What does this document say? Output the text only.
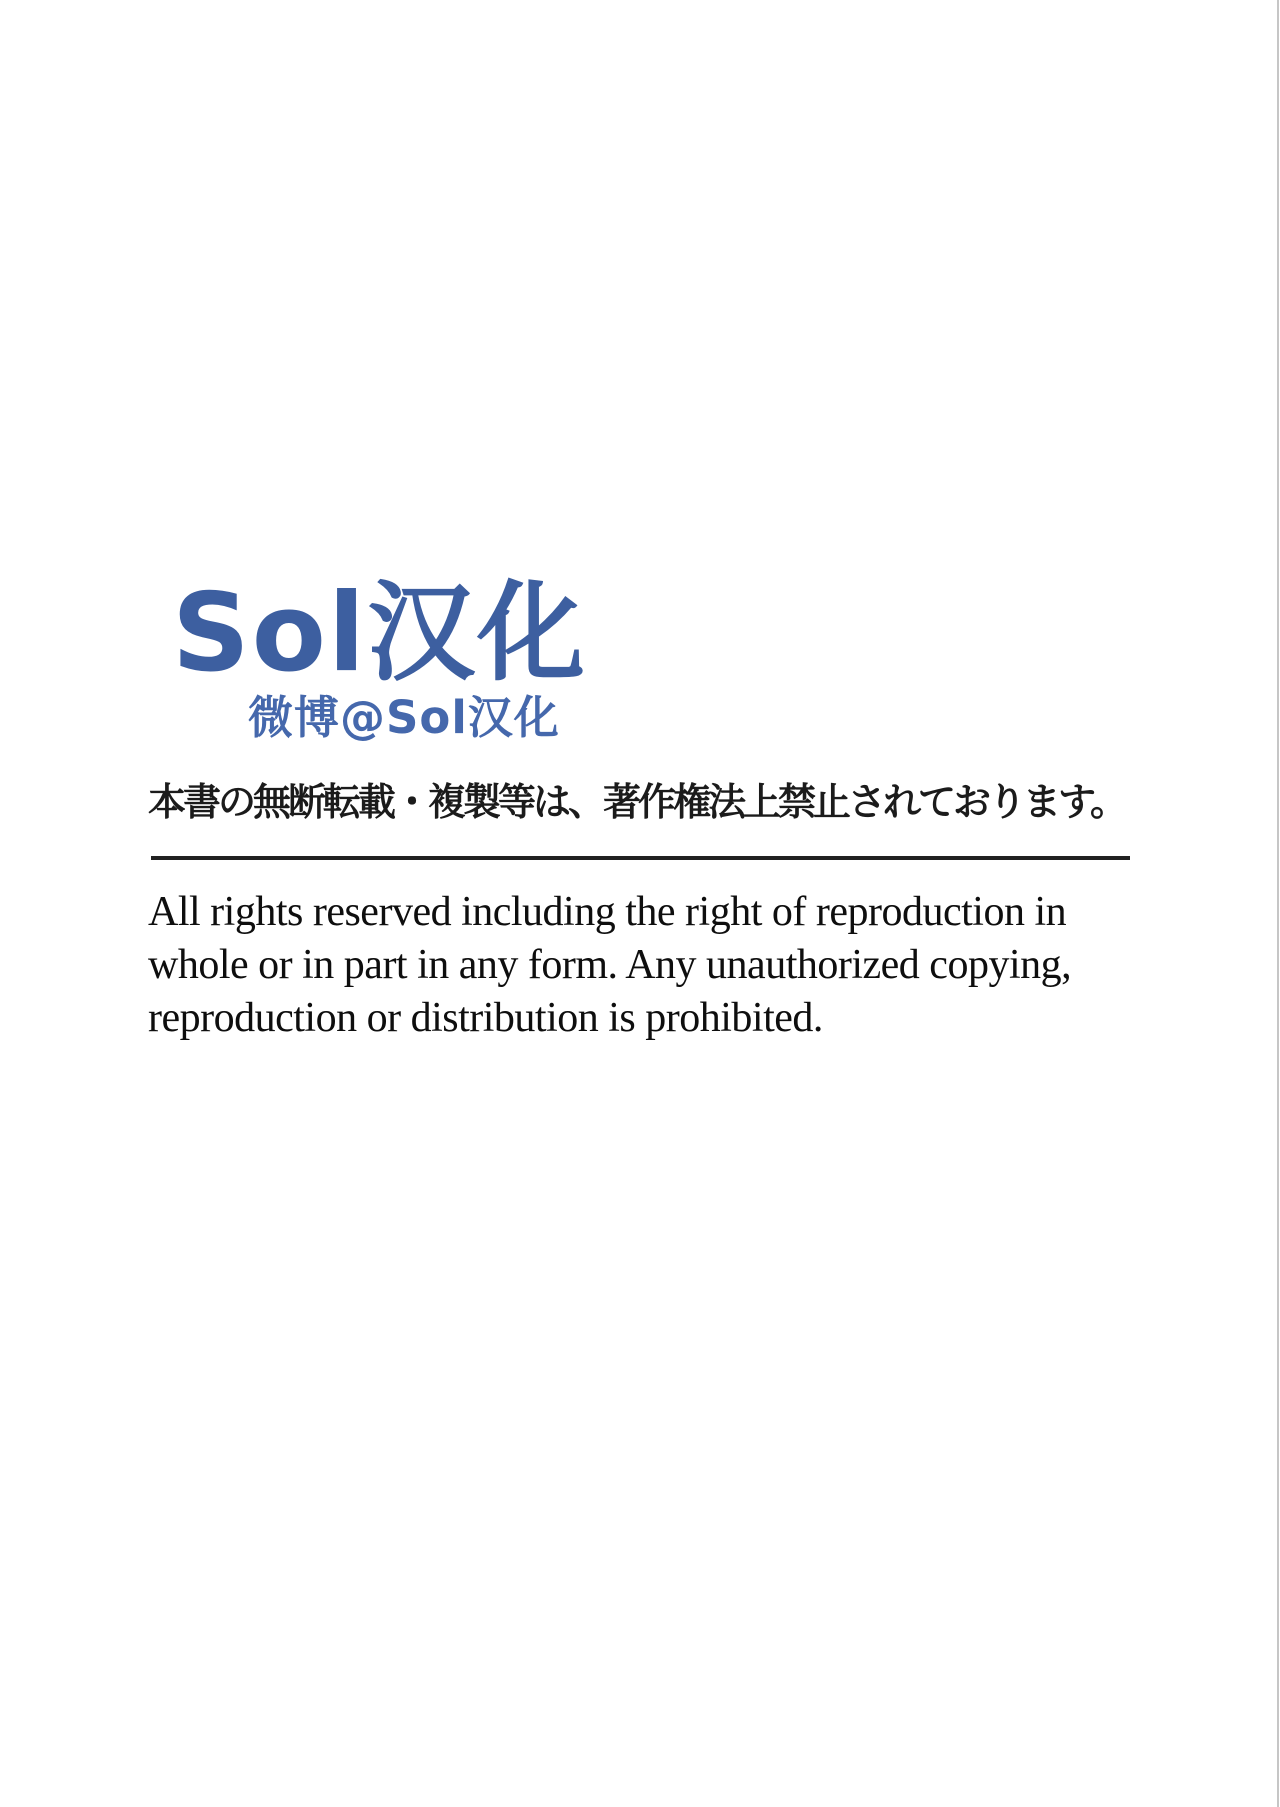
Sol汉化
微博@Sol汉化
本書の無断転載・複製等は、著作権法上禁止されております。
All rights reserved including the right of reproduction in
whole or in part in any form. Any unauthorized copying,
reproduction or distribution is prohibited.
